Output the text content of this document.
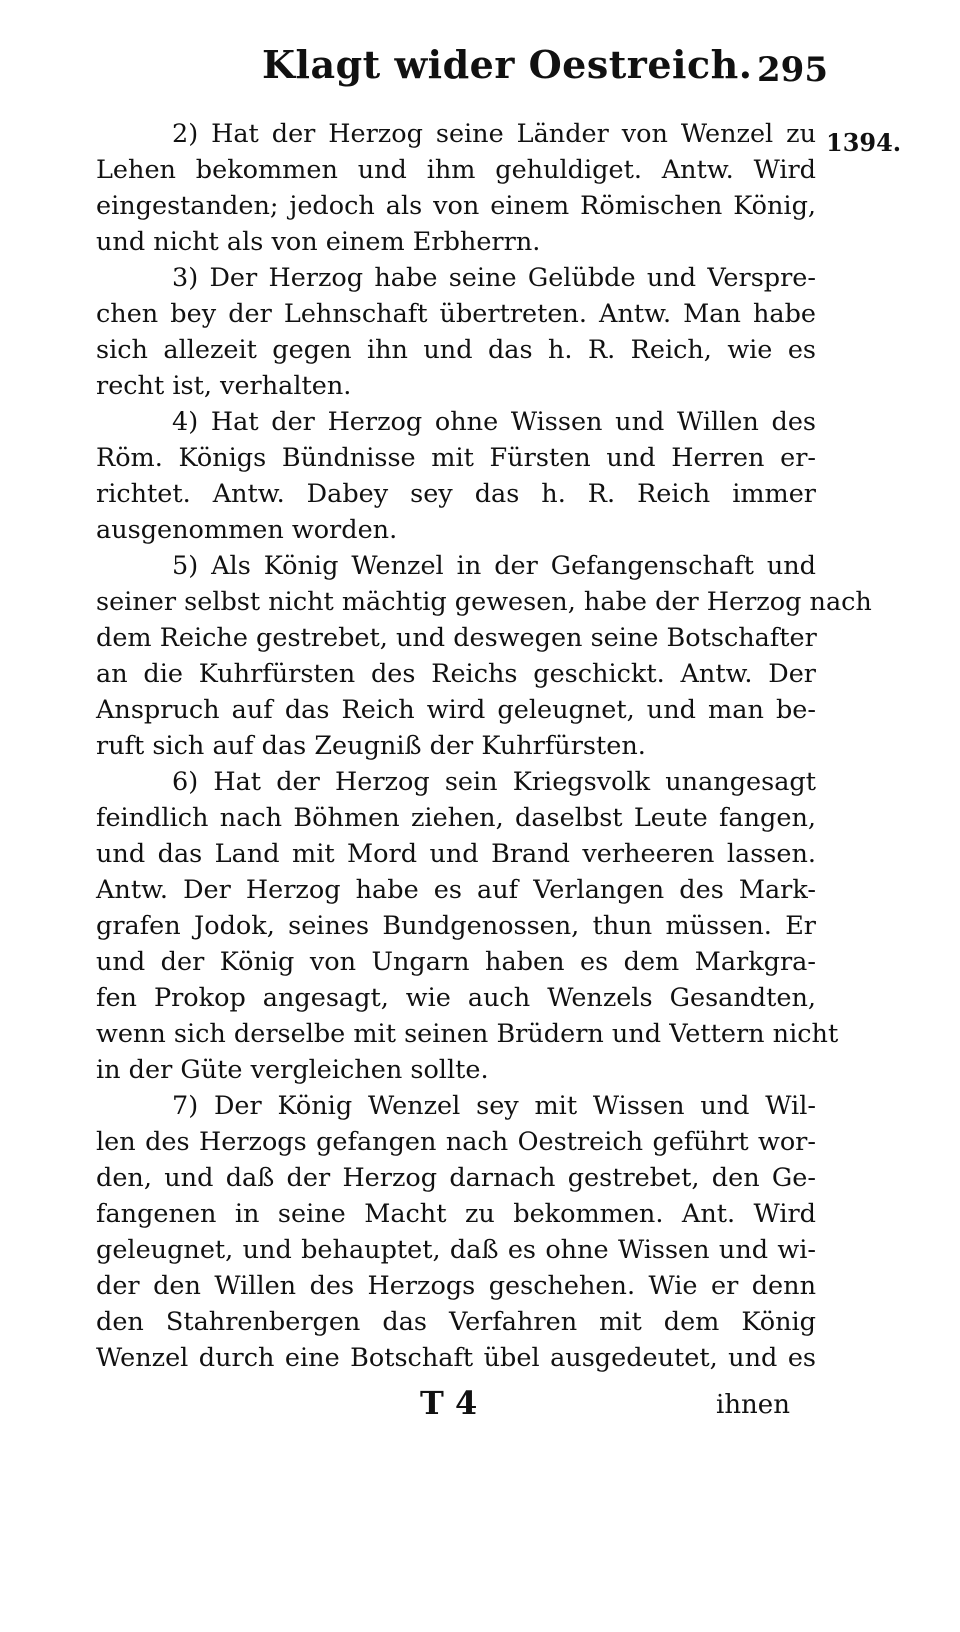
Klagt wider Oestreich. 295
1394.
2) Hat der Herzog seine Länder von Wenzel zu
Lehen bekommen und ihm gehuldiget. Antw. Wird
eingestanden; jedoch als von einem Römischen König,
und nicht als von einem Erbherrn.
3) Der Herzog habe seine Gelübde und Verspre-
chen bey der Lehnschaft übertreten. Antw. Man habe
sich allezeit gegen ihn und das h. R. Reich, wie es
recht ist, verhalten.
4) Hat der Herzog ohne Wissen und Willen des
Röm. Königs Bündnisse mit Fürsten und Herren er-
richtet. Antw. Dabey sey das h. R. Reich immer
ausgenommen worden.
5) Als König Wenzel in der Gefangenschaft und
seiner selbst nicht mächtig gewesen, habe der Herzog nach
dem Reiche gestrebet, und deswegen seine Botschafter
an die Kuhrfürsten des Reichs geschickt. Antw. Der
Anspruch auf das Reich wird geleugnet, und man be-
ruft sich auf das Zeugniß der Kuhrfürsten.
6) Hat der Herzog sein Kriegsvolk unangesagt
feindlich nach Böhmen ziehen, daselbst Leute fangen,
und das Land mit Mord und Brand verheeren lassen.
Antw. Der Herzog habe es auf Verlangen des Mark-
grafen Jodok, seines Bundgenossen, thun müssen. Er
und der König von Ungarn haben es dem Markgra-
fen Prokop angesagt, wie auch Wenzels Gesandten,
wenn sich derselbe mit seinen Brüdern und Vettern nicht
in der Güte vergleichen sollte.
7) Der König Wenzel sey mit Wissen und Wil-
len des Herzogs gefangen nach Oestreich geführt wor-
den, und daß der Herzog darnach gestrebet, den Ge-
fangenen in seine Macht zu bekommen. Ant. Wird
geleugnet, und behauptet, daß es ohne Wissen und wi-
der den Willen des Herzogs geschehen. Wie er denn
den Stahrenbergen das Verfahren mit dem König
Wenzel durch eine Botschaft übel ausgedeutet, und es
T 4	ihnen
